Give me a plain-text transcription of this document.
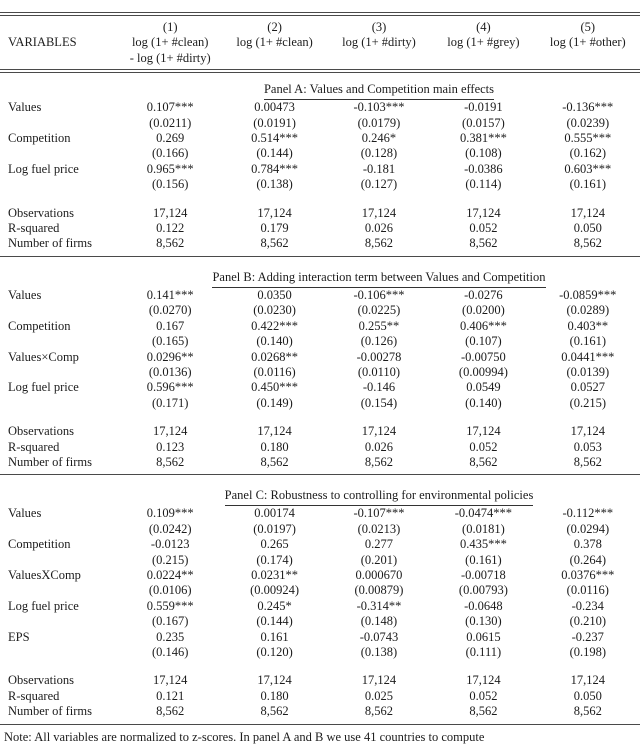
(1)	(2)	(3)	(4)	(5)
VARIABLES	log (1+ #clean)	log (1+ #clean)	log (1+ #dirty)	log (1+ #grey)	log (1+ #other)
- log (1+ #dirty)
Panel A: Values and Competition main effects
Values	0.107***	0.00473	-0.103***	-0.0191	-0.136***
(0.0211)	(0.0191)	(0.0179)	(0.0157)	(0.0239)
Competition	0.269	0.514***	0.246*	0.381***	0.555***
(0.166)	(0.144)	(0.128)	(0.108)	(0.162)
Log fuel price	0.965***	0.784***	-0.181	-0.0386	0.603***
(0.156)	(0.138)	(0.127)	(0.114)	(0.161)
Observations	17,124	17,124	17,124	17,124	17,124
R-squared	0.122	0.179	0.026	0.052	0.050
Number of firms	8,562	8,562	8,562	8,562	8,562
Panel B: Adding interaction term between Values and Competition
Values	0.141***	0.0350	-0.106***	-0.0276	-0.0859***
(0.0270)	(0.0230)	(0.0225)	(0.0200)	(0.0289)
Competition	0.167	0.422***	0.255**	0.406***	0.403**
(0.165)	(0.140)	(0.126)	(0.107)	(0.161)
Values×Comp	0.0296**	0.0268**	-0.00278	-0.00750	0.0441***
(0.0136)	(0.0116)	(0.0110)	(0.00994)	(0.0139)
Log fuel price	0.596***	0.450***	-0.146	0.0549	0.0527
(0.171)	(0.149)	(0.154)	(0.140)	(0.215)
Observations	17,124	17,124	17,124	17,124	17,124
R-squared	0.123	0.180	0.026	0.052	0.053
Number of firms	8,562	8,562	8,562	8,562	8,562
Panel C: Robustness to controlling for environmental policies
Values	0.109***	0.00174	-0.107***	-0.0474***	-0.112***
(0.0242)	(0.0197)	(0.0213)	(0.0181)	(0.0294)
Competition	-0.0123	0.265	0.277	0.435***	0.378
(0.215)	(0.174)	(0.201)	(0.161)	(0.264)
ValuesXComp	0.0224**	0.0231**	0.000670	-0.00718	0.0376***
(0.0106)	(0.00924)	(0.00879)	(0.00793)	(0.0116)
Log fuel price	0.559***	0.245*	-0.314**	-0.0648	-0.234
(0.167)	(0.144)	(0.148)	(0.130)	(0.210)
EPS	0.235	0.161	-0.0743	0.0615	-0.237
(0.146)	(0.120)	(0.138)	(0.111)	(0.198)
Observations	17,124	17,124	17,124	17,124	17,124
R-squared	0.121	0.180	0.025	0.052	0.050
Number of firms	8,562	8,562	8,562	8,562	8,562
Note: All variables are normalized to z-scores. In panel A and B we use 41 countries to compute
